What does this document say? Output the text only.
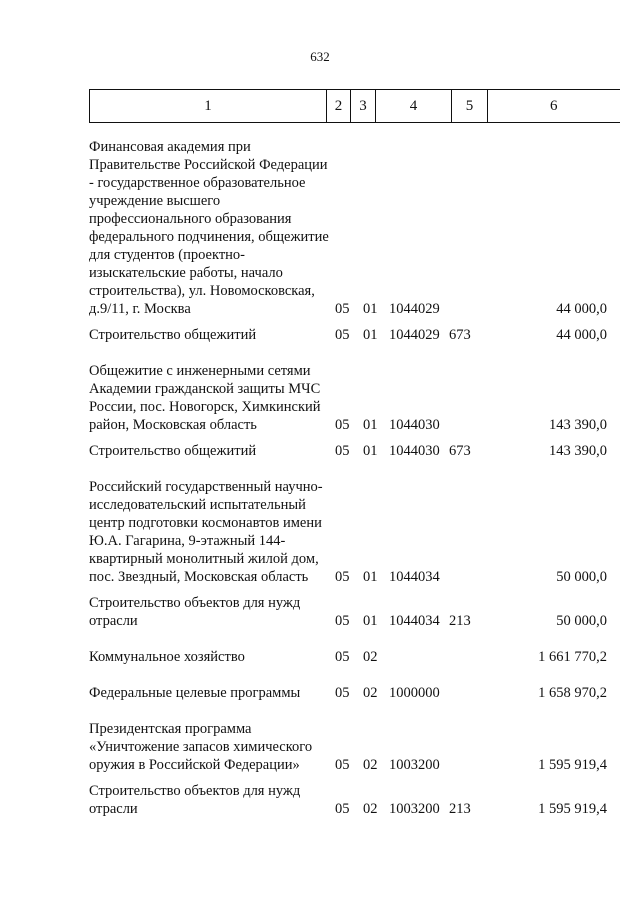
632
1	2	3	4	5	6
Финансовая академия при Правительстве Российской Федерации - государственное образовательное учреждение высшего профессионального образования федерального подчинения, общежитие для студентов (проектно-изыскательские работы, начало строительства), ул. Новомосковская, д.9/11, г. Москва	05	01	1044029		44 000,0
Строительство общежитий	05	01	1044029	673	44 000,0
Общежитие с инженерными сетями Академии гражданской защиты МЧС России, пос. Новогорск, Химкинский район, Московская область	05	01	1044030		143 390,0
Строительство общежитий	05	01	1044030	673	143 390,0
Российский государственный научно-исследовательский испытательный центр подготовки космонавтов имени Ю.А. Гагарина, 9-этажный 144-квартирный монолитный жилой дом, пос. Звездный, Московская область	05	01	1044034		50 000,0
Строительство объектов для нужд отрасли	05	01	1044034	213	50 000,0
Коммунальное хозяйство	05	02			1 661 770,2
Федеральные целевые программы	05	02	1000000		1 658 970,2
Президентская программа «Уничтожение запасов химического оружия в Российской Федерации»	05	02	1003200		1 595 919,4
Строительство объектов для нужд отрасли	05	02	1003200	213	1 595 919,4
